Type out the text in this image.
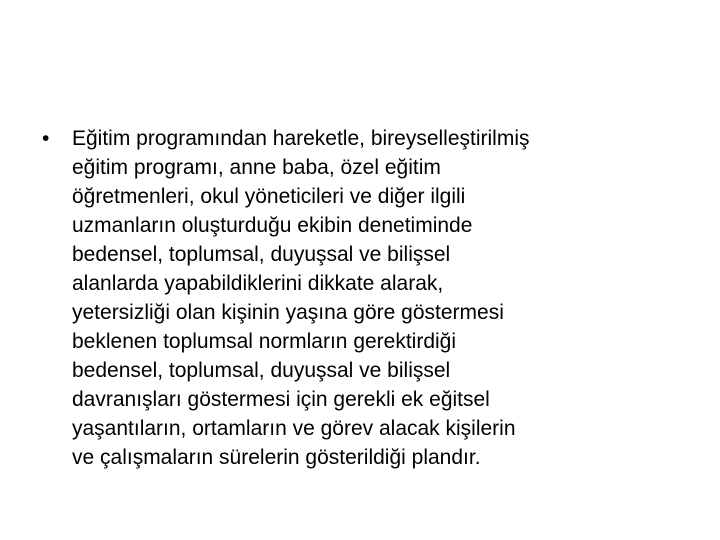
•	Eğitim programından hareketle, bireyselleştirilmiş
eğitim programı, anne baba, özel eğitim
öğretmenleri, okul yöneticileri ve diğer ilgili
uzmanların oluşturduğu ekibin denetiminde
bedensel, toplumsal, duyuşsal ve bilişsel
alanlarda yapabildiklerini dikkate alarak,
yetersizliği olan kişinin yaşına göre göstermesi
beklenen toplumsal normların gerektirdiği
bedensel, toplumsal, duyuşsal ve bilişsel
davranışları göstermesi için gerekli ek eğitsel
yaşantıların, ortamların ve görev alacak kişilerin
ve çalışmaların sürelerin gösterildiği plandır.
